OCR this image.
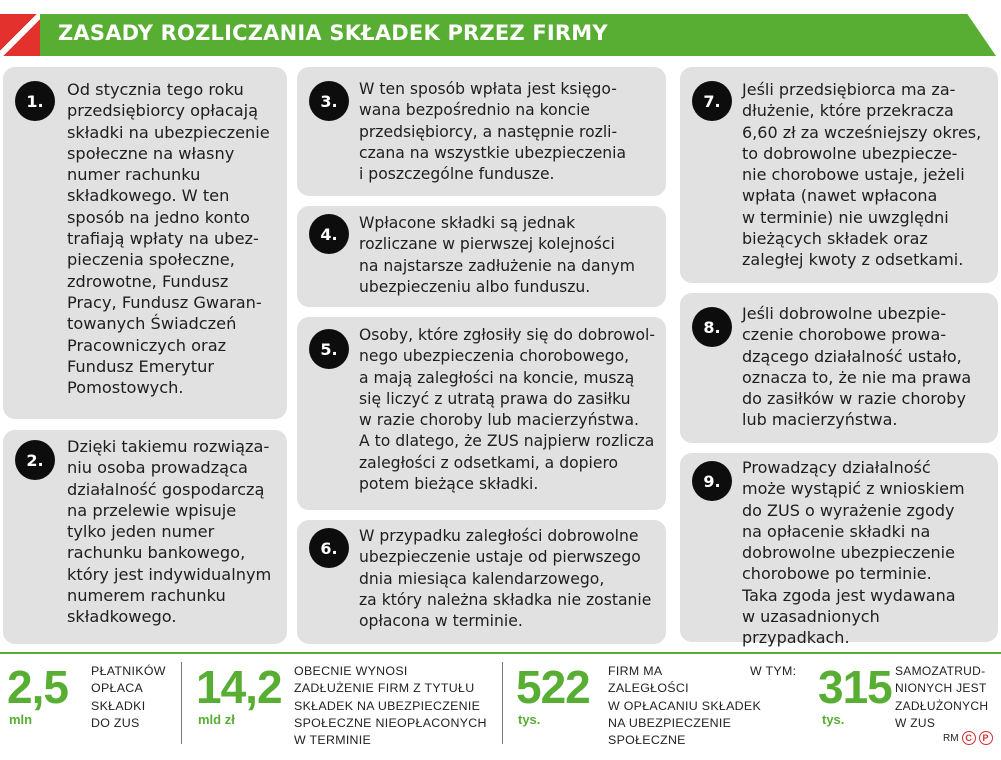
ZASADY ROZLICZANIA SKŁADEK PRZEZ FIRMY
1.
Od stycznia tego roku
przedsiębiorcy opłacają
składki na ubezpieczenie
społeczne na własny
numer rachunku
składkowego. W ten
sposób na jedno konto
trafiają wpłaty na ubez-
pieczenia społeczne,
zdrowotne, Fundusz
Pracy, Fundusz Gwaran-
towanych Świadczeń
Pracowniczych oraz
Fundusz Emerytur
Pomostowych.
2.
Dzięki takiemu rozwiąza-
niu osoba prowadząca
działalność gospodarczą
na przelewie wpisuje
tylko jeden numer
rachunku bankowego,
który jest indywidualnym
numerem rachunku
składkowego.
3.
W ten sposób wpłata jest księgo-
wana bezpośrednio na koncie
przedsiębiorcy, a następnie rozli-
czana na wszystkie ubezpieczenia
i poszczególne fundusze.
4.
Wpłacone składki są jednak
rozliczane w pierwszej kolejności
na najstarsze zadłużenie na danym
ubezpieczeniu albo funduszu.
5.
Osoby, które zgłosiły się do dobrowol-
nego ubezpieczenia chorobowego,
a mają zaległości na koncie, muszą
się liczyć z utratą prawa do zasiłku
w razie choroby lub macierzyństwa.
A to dlatego, że ZUS najpierw rozlicza
zaległości z odsetkami, a dopiero
potem bieżące składki.
6.
W przypadku zaległości dobrowolne
ubezpieczenie ustaje od pierwszego
dnia miesiąca kalendarzowego,
za który należna składka nie zostanie
opłacona w terminie.
7.
Jeśli przedsiębiorca ma za-
dłużenie, które przekracza
6,60 zł za wcześniejszy okres,
to dobrowolne ubezpiecze-
nie chorobowe ustaje, jeżeli
wpłata (nawet wpłacona
w terminie) nie uwzględni
bieżących składek oraz
zaległej kwoty z odsetkami.
8.
Jeśli dobrowolne ubezpie-
czenie chorobowe prowa-
dzącego działalność ustało,
oznacza to, że nie ma prawa
do zasiłków w razie choroby
lub macierzyństwa.
9.
Prowadzący działalność
może wystąpić z wnioskiem
do ZUS o wyrażenie zgody
na opłacenie składki na
dobrowolne ubezpieczenie
chorobowe po terminie.
Taka zgoda jest wydawana
w uzasadnionych przypadkach.
2,5
mln
PŁATNIKÓW
OPŁACA
SKŁADKI
DO ZUS
14,2
mld zł
OBECNIE WYNOSI
ZADŁUŻENIE FIRM Z TYTUŁU
SKŁADEK NA UBEZPIECZENIE
SPOŁECZNE NIEOPŁACONYCH
W TERMINIE
522
tys.
FIRM MA
ZALEGŁOŚCI
W OPŁACANIU SKŁADEK
NA UBEZPIECZENIE
SPOŁECZNE
W TYM: 315
tys.
SAMOZATRUD-
NIONYCH JEST
ZADŁUŻONYCH
W ZUS
RM C	P
